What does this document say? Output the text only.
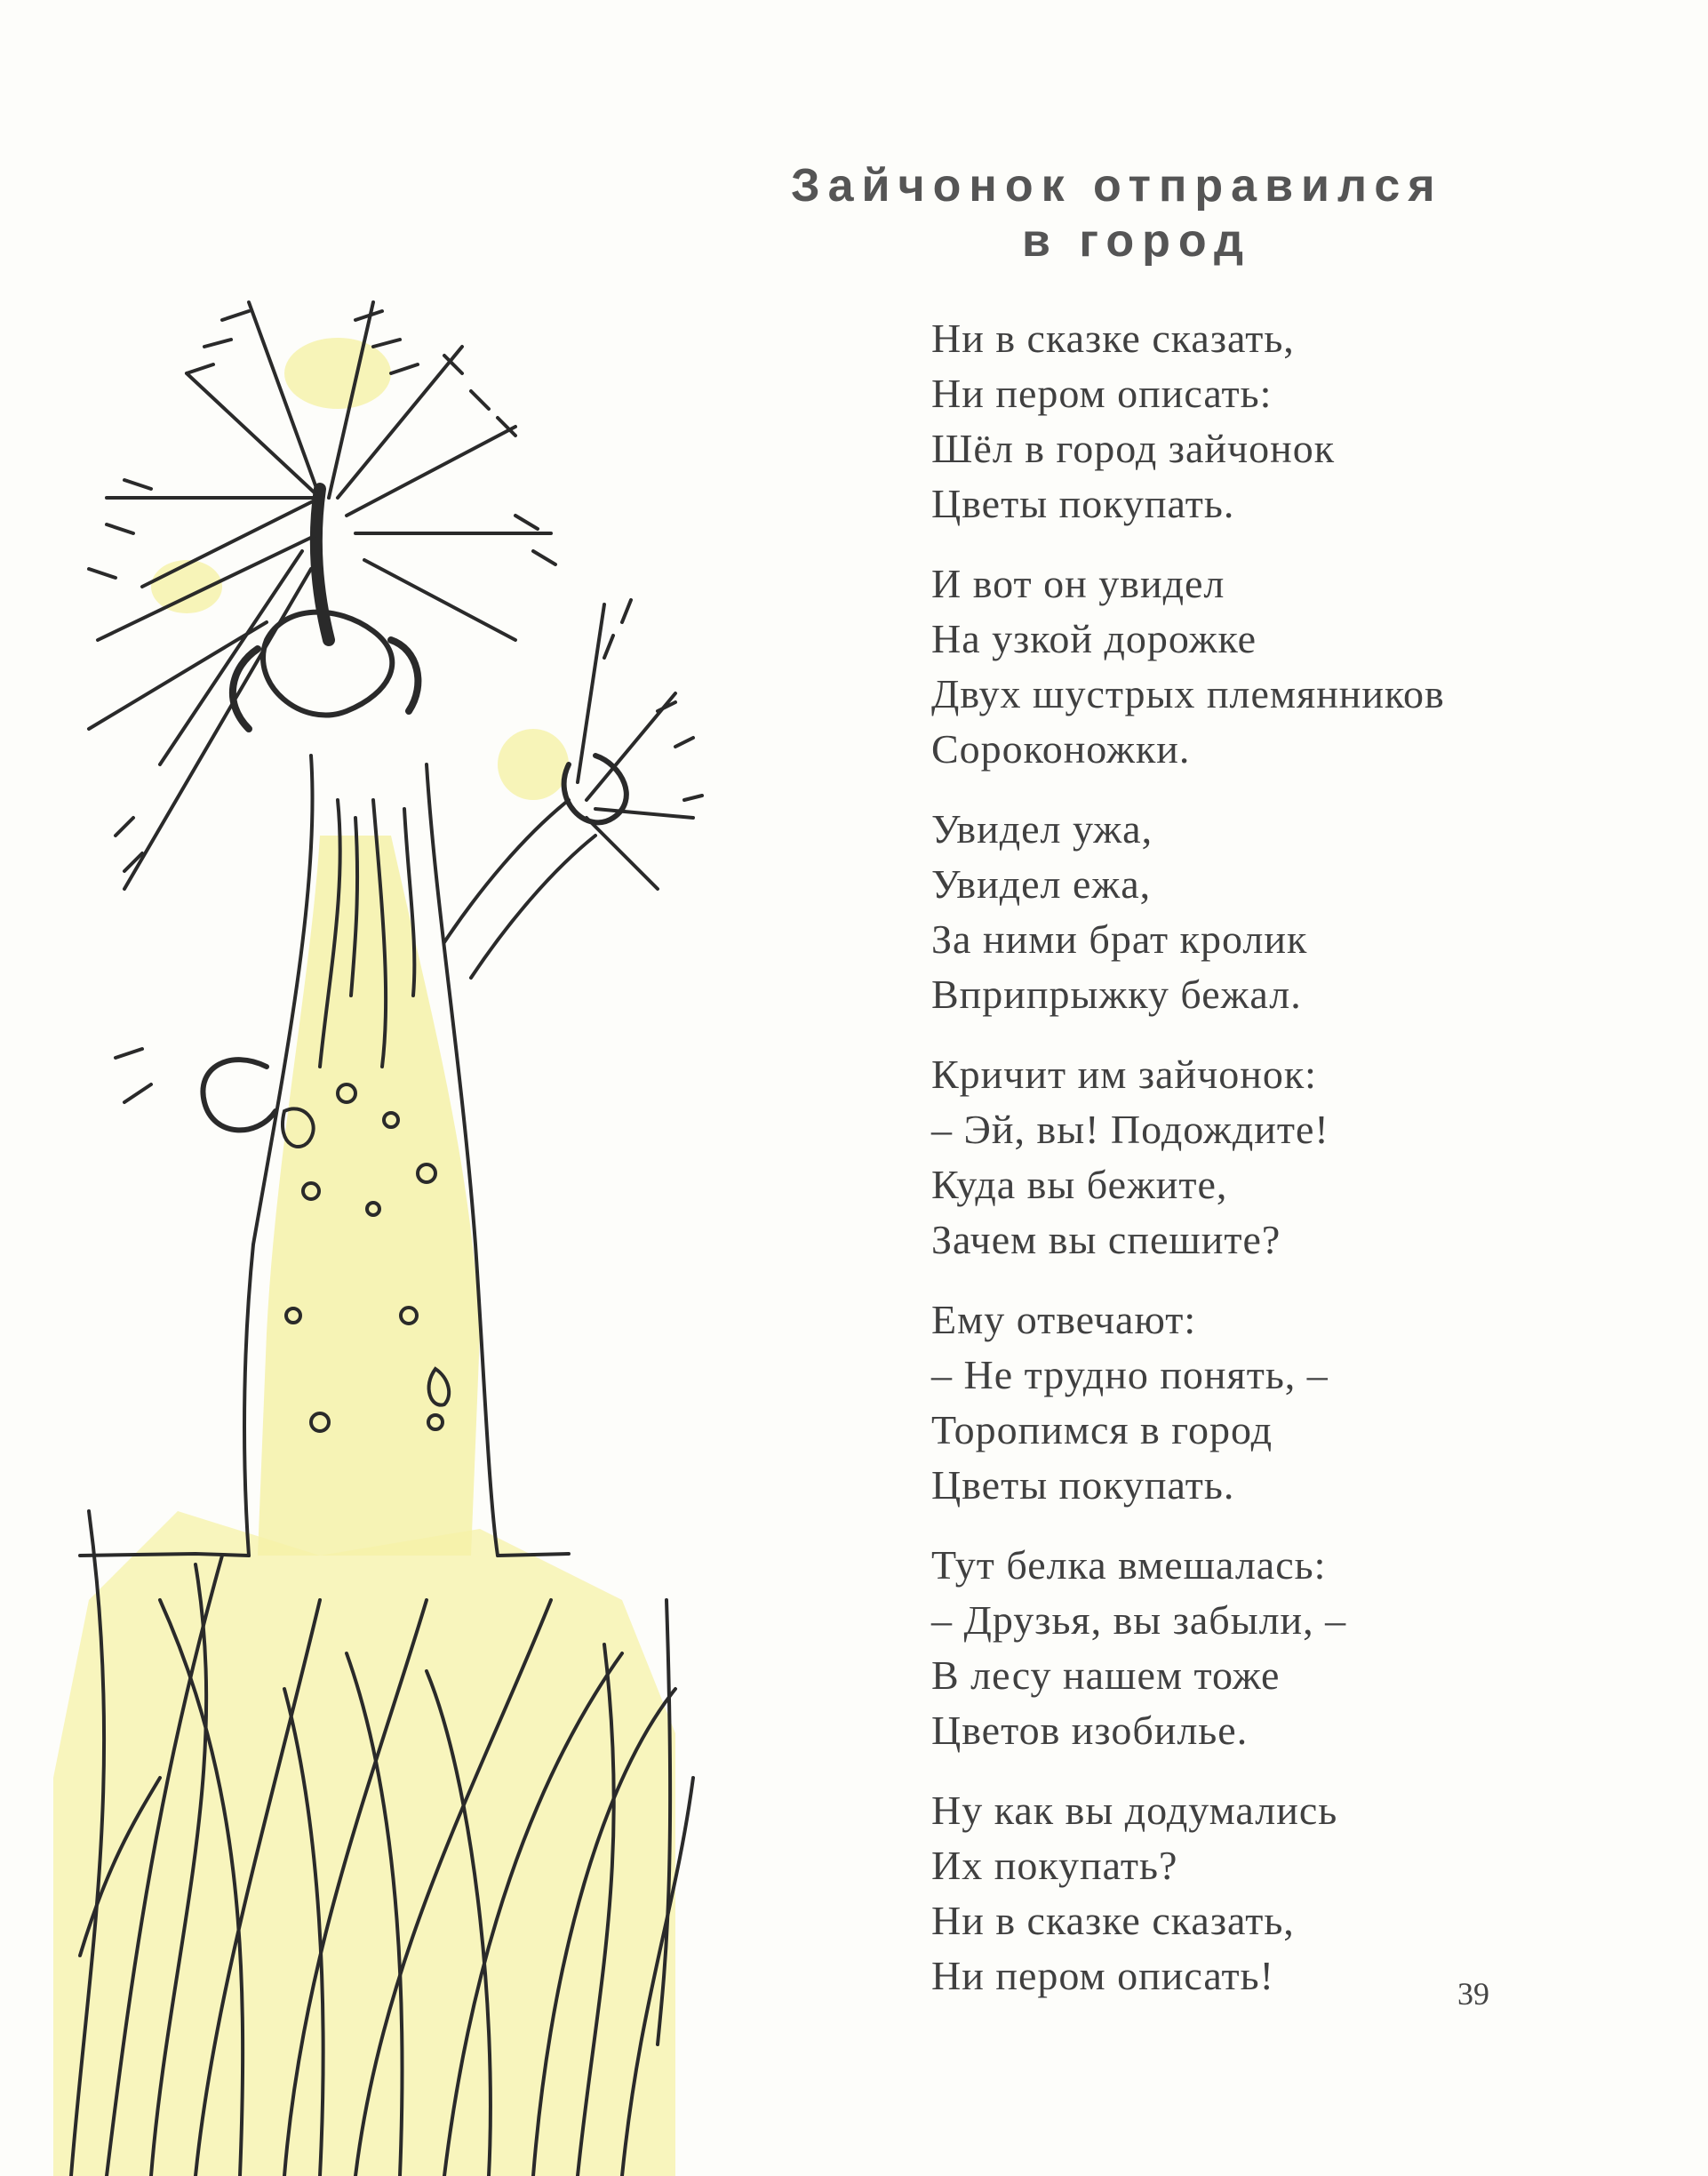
Зайчонок отправился
в город
Ни в сказке сказать,
Ни пером описать:
Шёл в город зайчонок
Цветы покупать.
И вот он увидел
На узкой дорожке
Двух шустрых племянников
Сороконожки.
Увидел ужа,
Увидел ежа,
За ними брат кролик
Вприпрыжку бежал.
Кричит им зайчонок:
– Эй, вы! Подождите!
Куда вы бежите,
Зачем вы спешите?
Ему отвечают:
– Не трудно понять, –
Торопимся в город
Цветы покупать.
Тут белка вмешалась:
– Друзья, вы забыли, –
В лесу нашем тоже
Цветов изобилье.
Ну как вы додумались
Их покупать?
Ни в сказке сказать,
Ни пером описать!	39
